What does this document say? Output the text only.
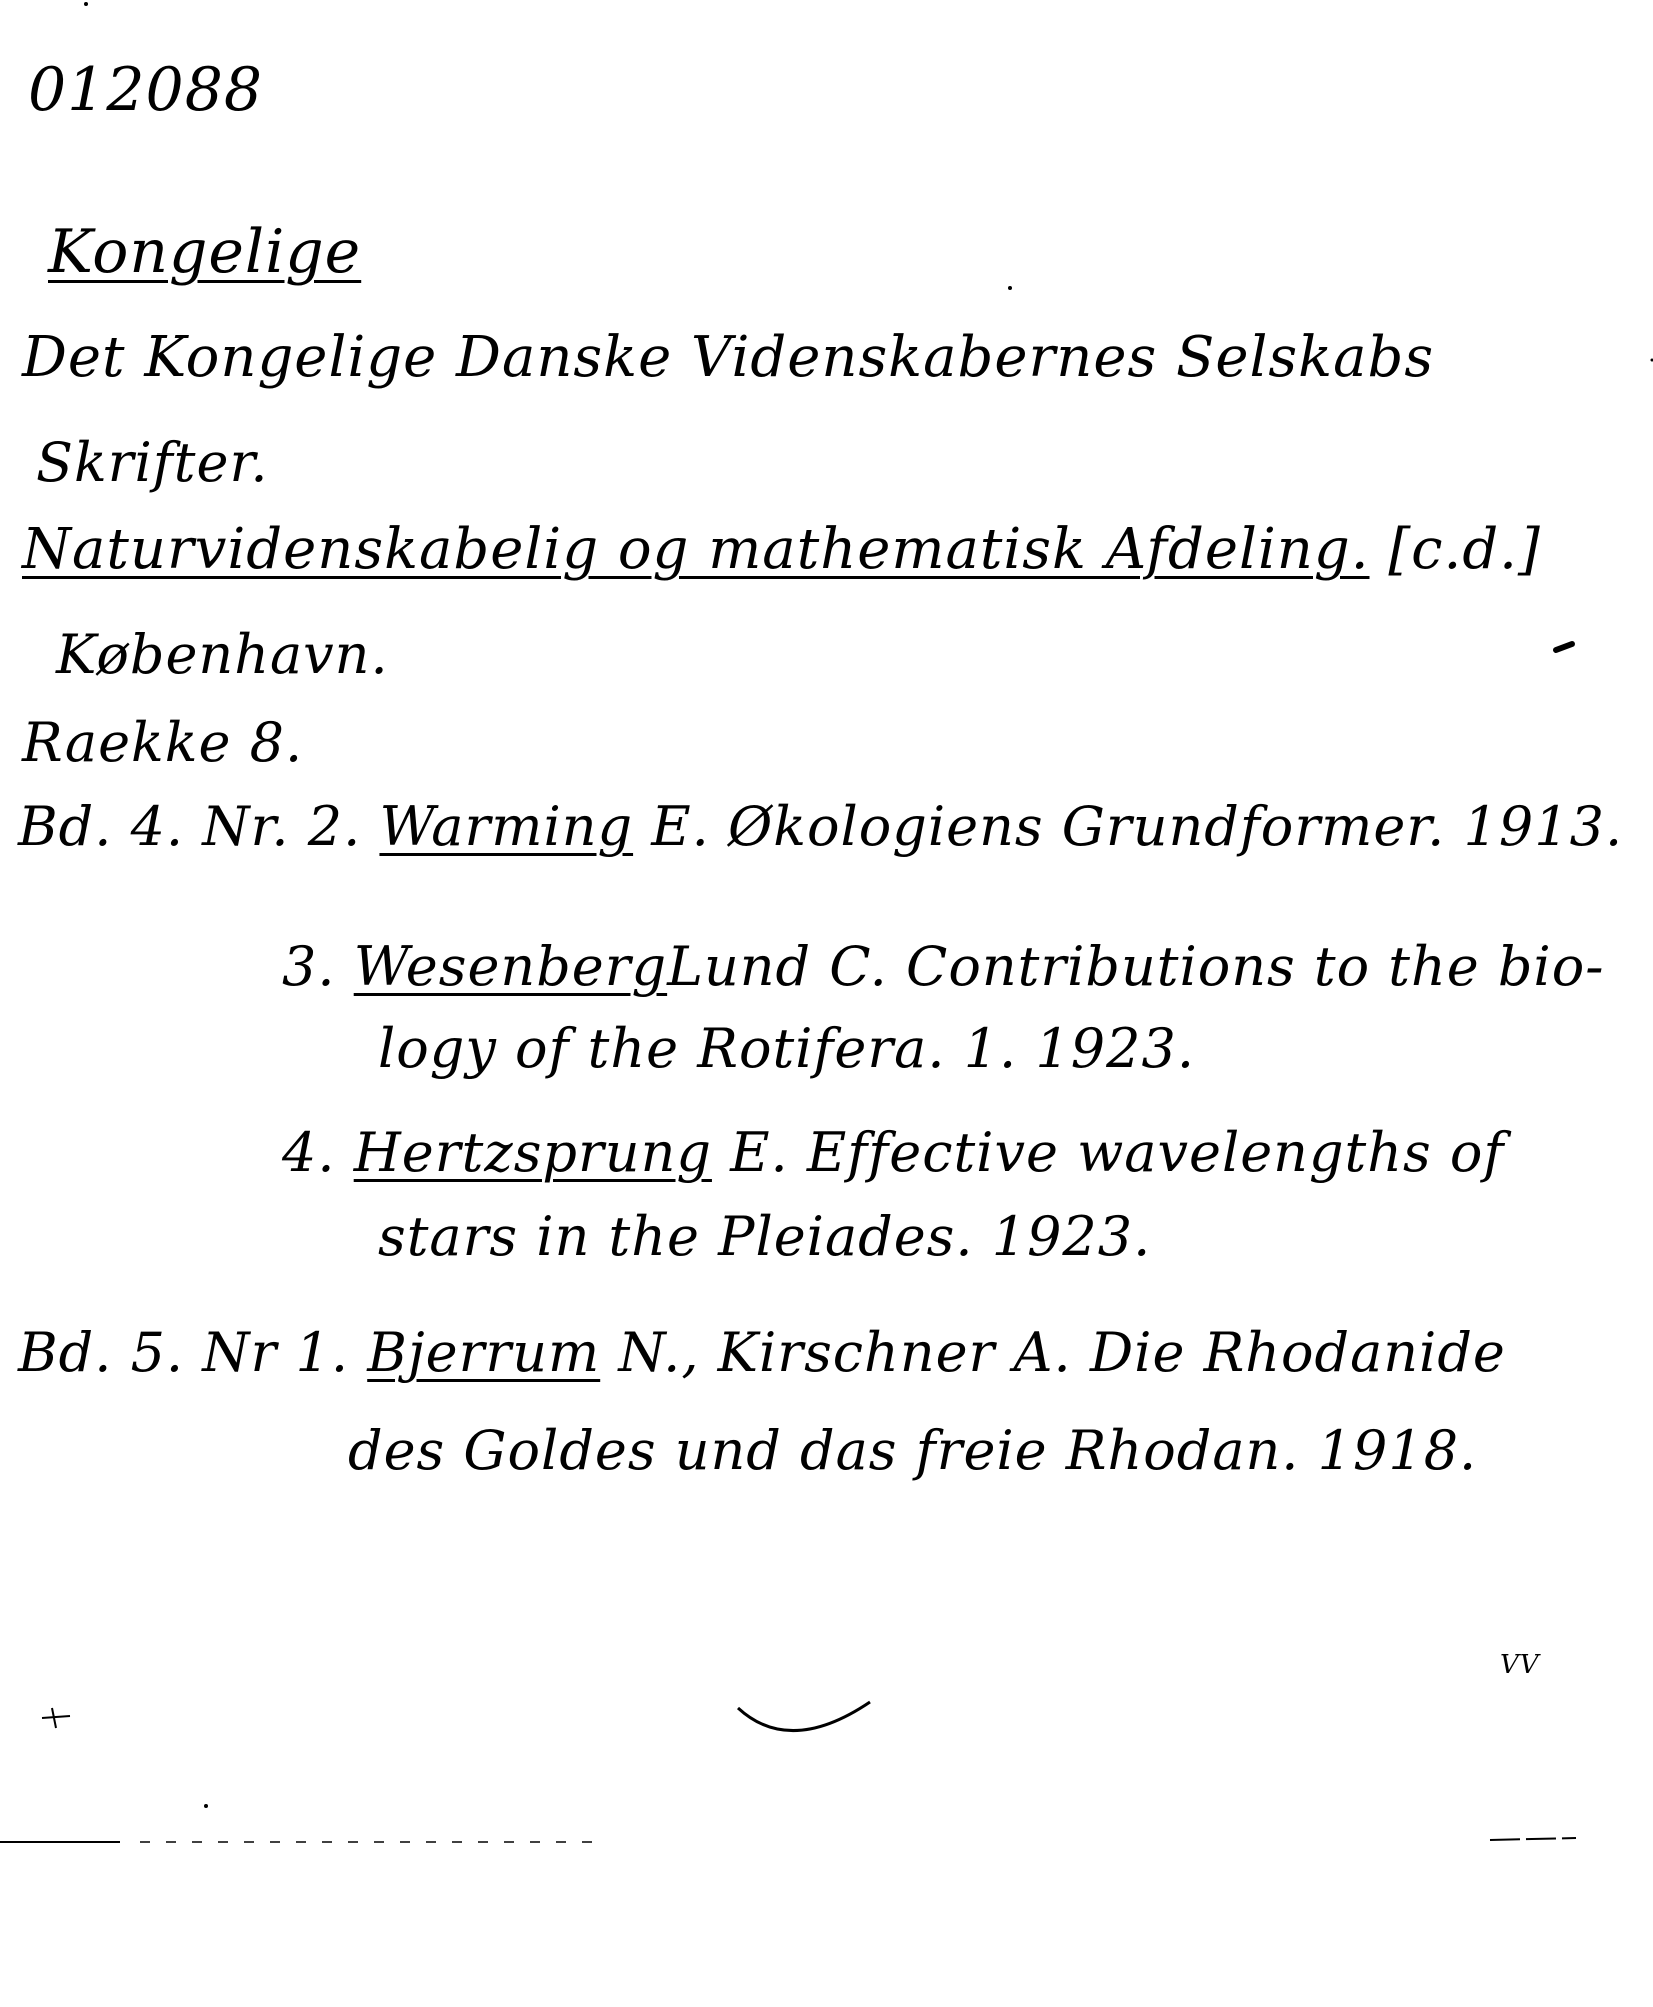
012088
Kongelige
Det Kongelige Danske Videnskabernes Selskabs
Skrifter.
Naturvidenskabelig og mathematisk Afdeling. [c.d.]
København.
Raekke 8.
Bd. 4. Nr. 2. Warming E. Økologiens Grundformer. 1913.
3. WesenbergLund C. Contributions to the bio-
logy of the Rotifera. 1. 1923.
4. Hertzsprung E. Effective wavelengths of
stars in the Pleiades. 1923.
Bd. 5. Nr 1. Bjerrum N., Kirschner A. Die Rhodanide
des Goldes und das freie Rhodan. 1918.
VV
